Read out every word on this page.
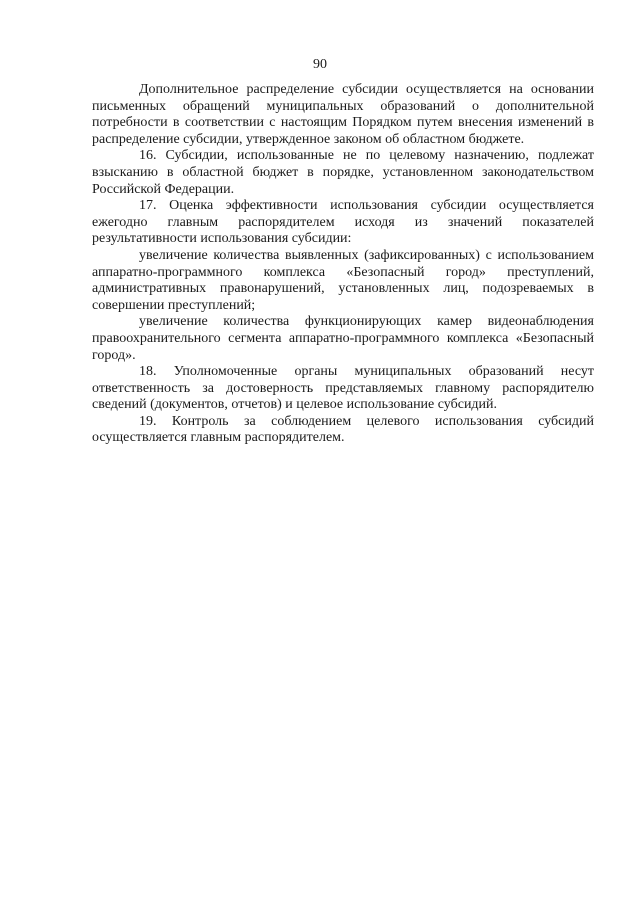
90

Дополнительное распределение субсидии осуществляется на основании письменных обращений муниципальных образований о дополнительной потребности в соответствии с настоящим Порядком путем внесения изменений в распределение субсидии, утвержденное законом об областном бюджете.

16. Субсидии, использованные не по целевому назначению, подлежат взысканию в областной бюджет в порядке, установленном законодательством Российской Федерации.

17. Оценка эффективности использования субсидии осуществляется ежегодно главным распорядителем исходя из значений показателей результативности использования субсидии:

увеличение количества выявленных (зафиксированных) с использованием аппаратно-программного комплекса «Безопасный город» преступлений, административных правонарушений, установленных лиц, подозреваемых в совершении преступлений;

увеличение количества функционирующих камер видеонаблюдения правоохранительного сегмента аппаратно-программного комплекса «Безопасный город».

18. Уполномоченные органы муниципальных образований несут ответственность за достоверность представляемых главному распорядителю сведений (документов, отчетов) и целевое использование субсидий.

19. Контроль за соблюдением целевого использования субсидий осуществляется главным распорядителем.
